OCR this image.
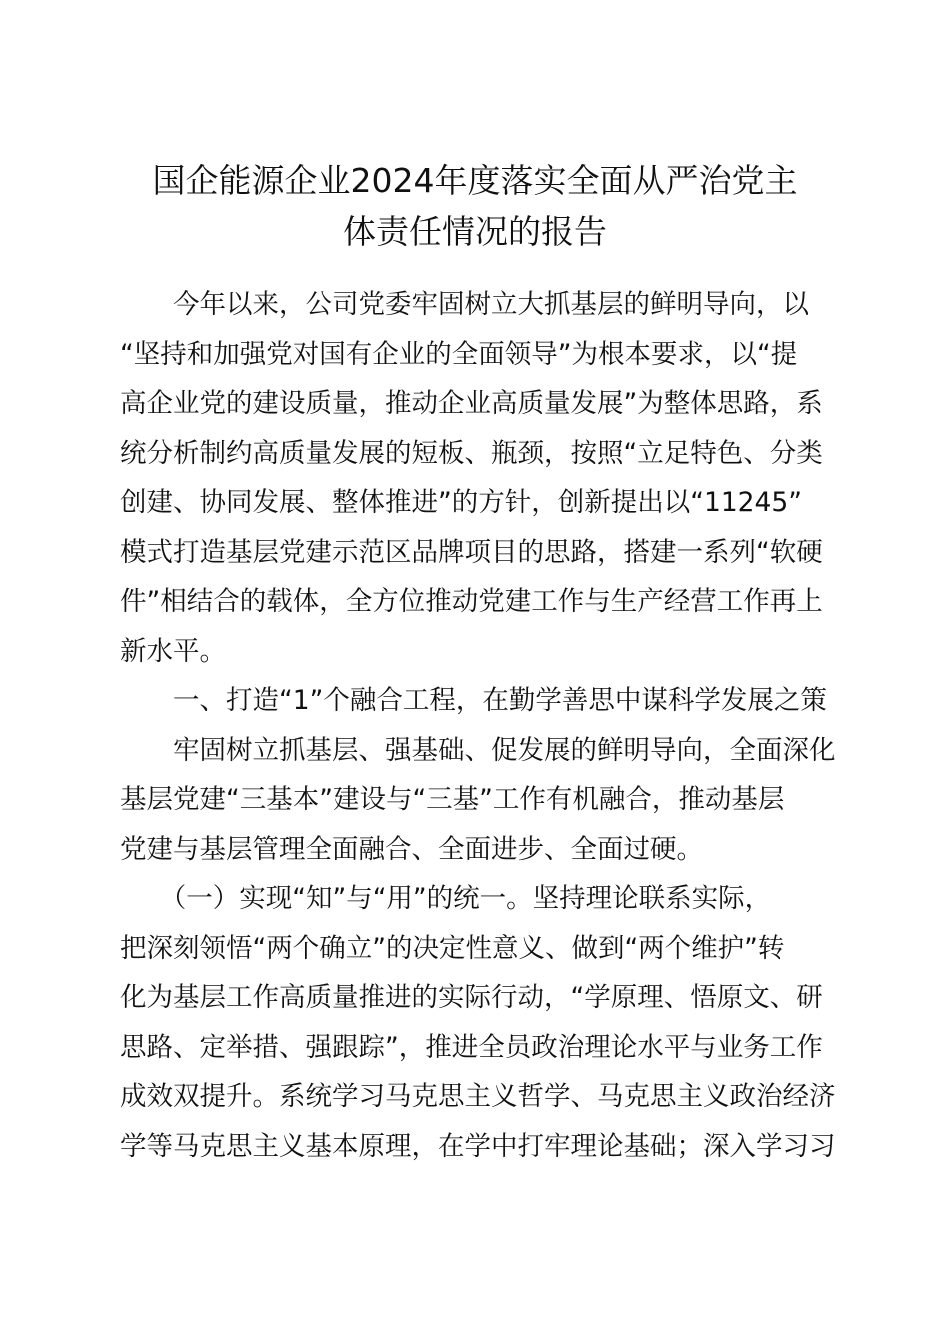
国企能源企业2024年度落实全面从严治党主
体责任情况的报告

　　今年以来，公司党委牢固树立大抓基层的鲜明导向，以
“坚持和加强党对国有企业的全面领导”为根本要求，以“提
高企业党的建设质量，推动企业高质量发展”为整体思路，系
统分析制约高质量发展的短板、瓶颈，按照“立足特色、分类
创建、协同发展、整体推进”的方针，创新提出以“11245”
模式打造基层党建示范区品牌项目的思路，搭建一系列“软硬
件”相结合的载体，全方位推动党建工作与生产经营工作再上
新水平。

　　一、打造“1”个融合工程，在勤学善思中谋科学发展之策

　　牢固树立抓基层、强基础、促发展的鲜明导向，全面深化
基层党建“三基本”建设与“三基”工作有机融合，推动基层
党建与基层管理全面融合、全面进步、全面过硬。

　　（一）实现“知”与“用”的统一。坚持理论联系实际，
把深刻领悟“两个确立”的决定性意义、做到“两个维护”转
化为基层工作高质量推进的实际行动，“学原理、悟原文、研
思路、定举措、强跟踪”，推进全员政治理论水平与业务工作
成效双提升。系统学习马克思主义哲学、马克思主义政治经济
学等马克思主义基本原理，在学中打牢理论基础；深入学习习
